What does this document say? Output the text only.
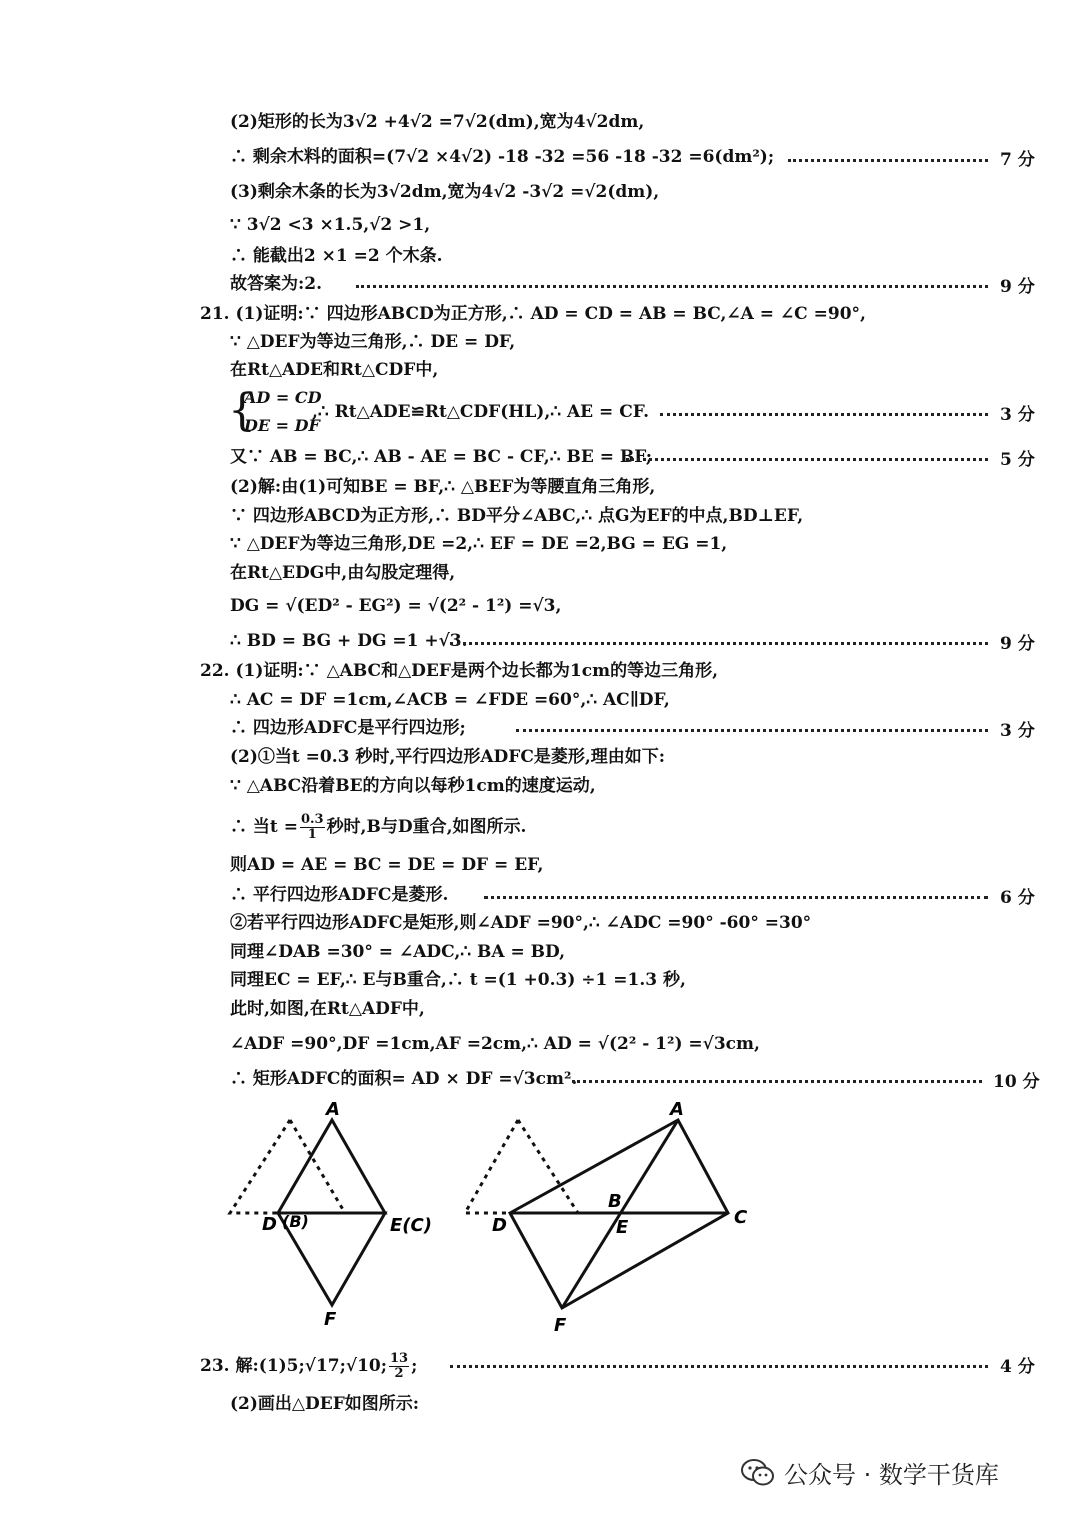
(2)矩形的长为3√2 +4√2 =7√2(dm),宽为4√2dm,
∴ 剩余木料的面积=(7√2 ×4√2) -18 -32 =56 -18 -32 =6(dm²);	7 分
(3)剩余木条的长为3√2dm,宽为4√2 -3√2 =√2(dm),
∵ 3√2 <3 ×1.5,√2 >1,
∴ 能截出2 ×1 =2 个木条.
故答案为:2.	9 分
21. (1)证明:∵ 四边形ABCD为正方形,∴ AD = CD = AB = BC,∠A = ∠C =90°,
∵ △DEF为等边三角形,∴ DE = DF,
在Rt△ADE和Rt△CDF中,
{
AD = CD
DE = DF
,∴ Rt△ADE≌Rt△CDF(HL),∴ AE = CF.	3 分
又∵ AB = BC,∴ AB - AE = BC - CF,∴ BE = BF;	5 分
(2)解:由(1)可知BE = BF,∴ △BEF为等腰直角三角形,
∵ 四边形ABCD为正方形,∴ BD平分∠ABC,∴ 点G为EF的中点,BD⊥EF,
∵ △DEF为等边三角形,DE =2,∴ EF = DE =2,BG = EG =1,
在Rt△EDG中,由勾股定理得,
DG = √(ED² - EG²) = √(2² - 1²) =√3,
∴ BD = BG + DG =1 +√3.	9 分
22. (1)证明:∵ △ABC和△DEF是两个边长都为1cm的等边三角形,
∴ AC = DF =1cm,∠ACB = ∠FDE =60°,∴ AC∥DF,
∴ 四边形ADFC是平行四边形;	3 分
(2)①当t =0.3 秒时,平行四边形ADFC是菱形,理由如下:
∵ △ABC沿着BE的方向以每秒1cm的速度运动,
∴ 当$t = \frac{0.3}{1}$ 秒时,B与D重合,如图所示.
则AD = AE = BC = DE = DF = EF,
∴ 平行四边形ADFC是菱形.	6 分
②若平行四边形ADFC是矩形,则∠ADF =90°,∴ ∠ADC =90° -60° =30°
同理∠DAB =30° = ∠ADC,∴ BA = BD,
同理EC = EF,∴ E与B重合,∴ t =(1 +0.3) ÷1 =1.3 秒,
此时,如图,在Rt△ADF中,
∠ADF =90°,DF =1cm,AF =2cm,∴ AD = √(2² - 1²) =√3cm,
∴ 矩形ADFC的面积= AD × DF =√3cm².	10 分
A
D (B)	E(C)
F
A
B
C
D	E
F
23. 解:(1)5;√17;√10; $\frac{13}{2}$ ;	4 分
(2)画出△DEF如图所示:
公众号 · 数学干货库
